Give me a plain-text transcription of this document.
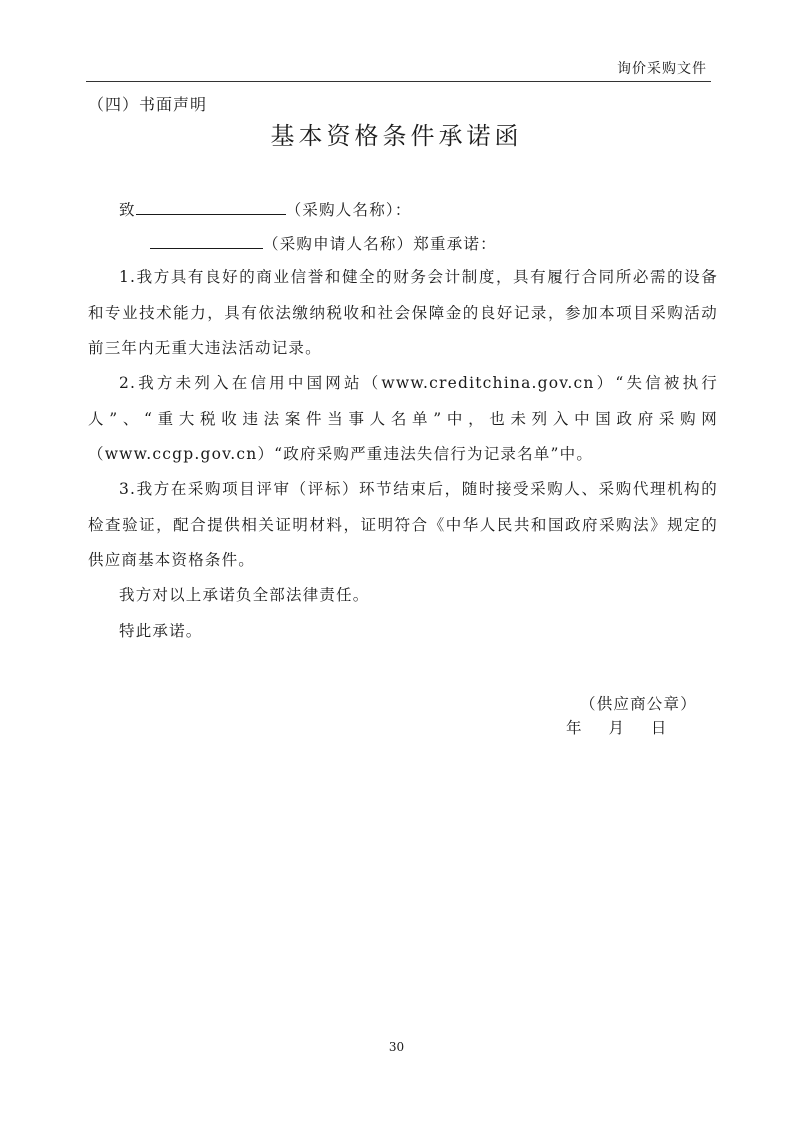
询价采购文件
（四）书面声明
基本资格条件承诺函
致	（采购人名称）：
（采购申请人名称）郑重承诺：

1.我方具有良好的商业信誉和健全的财务会计制度，具有履行合同所必需的设备和专业技术能力，具有依法缴纳税收和社会保障金的良好记录，参加本项目采购活动前三年内无重大违法活动记录。

2.我方未列入在信用中国网站（www.creditchina.gov.cn）“失信被执行人”、“重大税收违法案件当事人名单”中，也未列入中国政府采购网（www.ccgp.gov.cn）“政府采购严重违法失信行为记录名单”中。

3.我方在采购项目评审（评标）环节结束后，随时接受采购人、采购代理机构的检查验证，配合提供相关证明材料，证明符合《中华人民共和国政府采购法》规定的供应商基本资格条件。

我方对以上承诺负全部法律责任。

特此承诺。

（供应商公章）
年 月 日
30
